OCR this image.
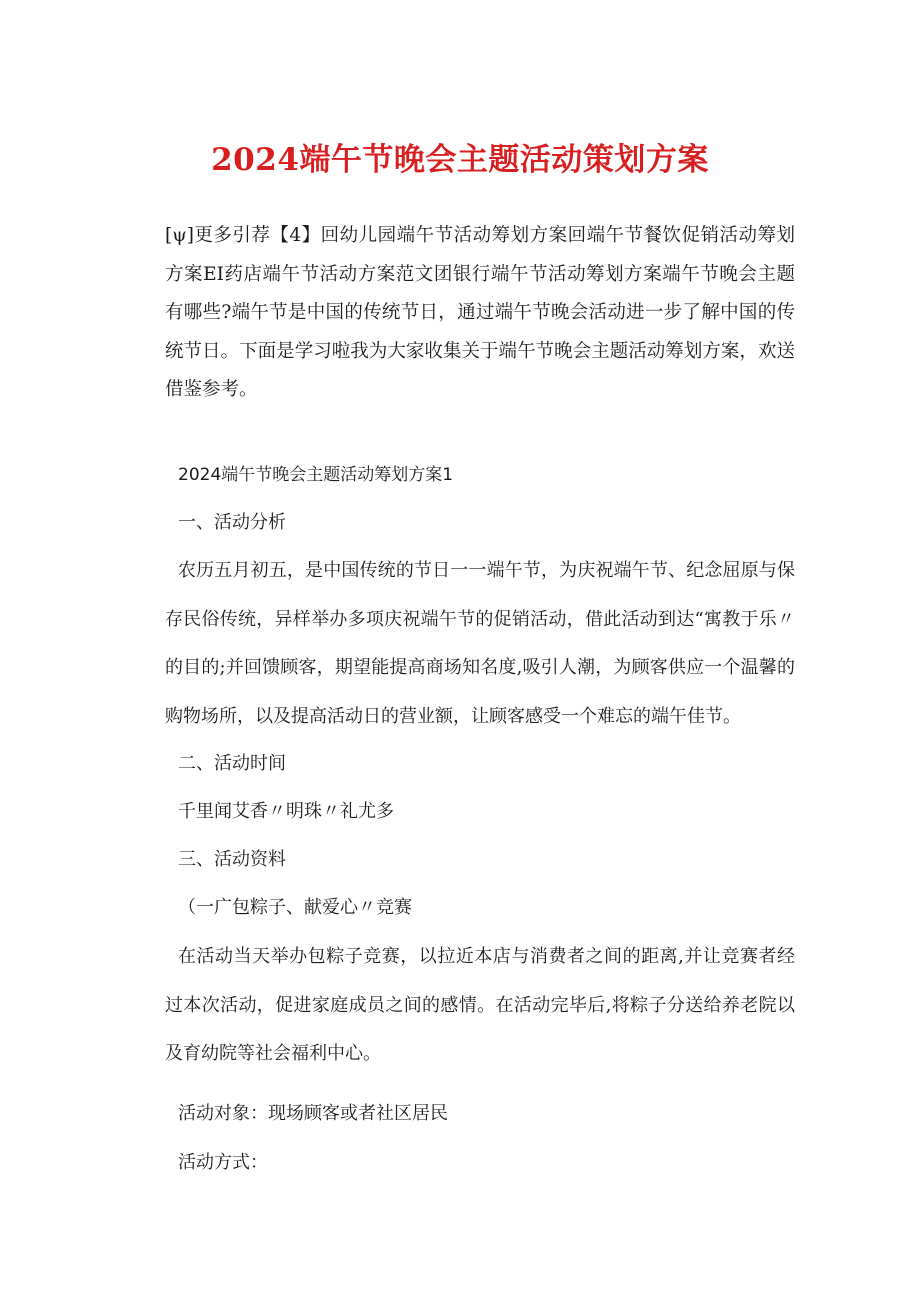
2024端午节晚会主题活动策划方案
[ψ]更多引荐【4】回幼儿园端午节活动筹划方案回端午节餐饮促销活动筹划方案EI药店端午节活动方案范文团银行端午节活动筹划方案端午节晚会主题有哪些?端午节是中国的传统节日，通过端午节晚会活动进一步了解中国的传统节日。下面是学习啦我为大家收集关于端午节晚会主题活动筹划方案，欢送借鉴参考。
2024端午节晚会主题活动筹划方案1
一、活动分析
农历五月初五，是中国传统的节日一一端午节，为庆祝端午节、纪念屈原与保存民俗传统，异样举办多项庆祝端午节的促销活动，借此活动到达“寓教于乐〃的目的;并回馈顾客，期望能提高商场知名度,吸引人潮，为顾客供应一个温馨的购物场所，以及提高活动日的营业额，让顾客感受一个难忘的端午佳节。
二、活动时间
千里闻艾香〃明珠〃礼尤多
三、活动资料
（一广包粽子、献爱心〃竞赛
在活动当天举办包粽子竞赛，以拉近本店与消费者之间的距离,并让竞赛者经过本次活动，促进家庭成员之间的感情。在活动完毕后,将粽子分送给养老院以及育幼院等社会福利中心。
活动对象：现场顾客或者社区居民
活动方式：
